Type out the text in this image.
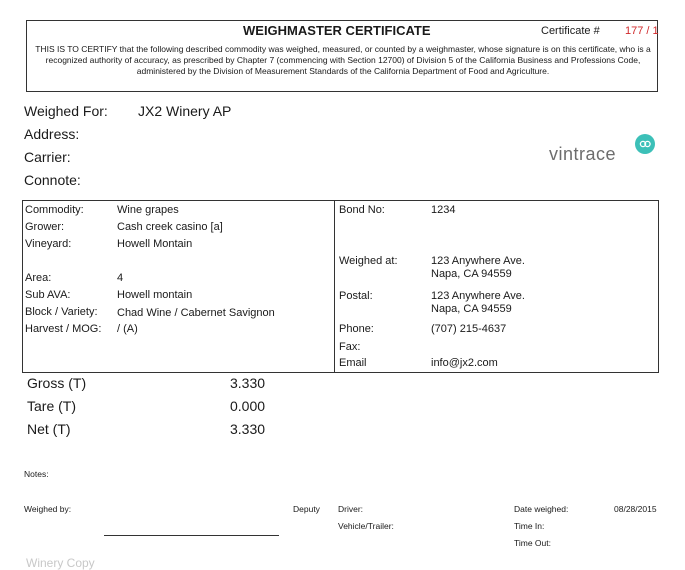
WEIGHMASTER CERTIFICATE	Certificate # 177 / 1
THIS IS TO CERTIFY that the following described commodity was weighed, measured, or counted by a weighmaster, whose signature is on this certificate, who is a recognized authority of accuracy, as prescribed by Chapter 7 (commencing with Section 12700) of Division 5 of the California Business and Professions Code, administered by the Division of Measurement Standards of the California Department of Food and Agriculture.
Weighed For: JX2 Winery AP
Address:
Carrier:
Connote:
vintrace
Commodity:	Wine grapes
Grower:	Cash creek casino [a]
Vineyard:	Howell Montain
Area:	4
Sub AVA:	Howell montain
Block / Variety: Chad Wine / Cabernet Savignon
Harvest / MOG: / (A)
Bond No:	1234
Weighed at:	123 Anywhere Ave.
Napa, CA 94559
Postal:	123 Anywhere Ave.
Napa, CA 94559
Phone:	(707) 215-4637
Fax:
Email	info@jx2.com
Gross (T)	3.330
Tare (T)	0.000
Net (T)	3.330
Notes:
Weighed by:	Deputy Driver:
Vehicle/Trailer:
Date weighed:	08/28/2015
Time In:
Time Out:
Winery Copy
